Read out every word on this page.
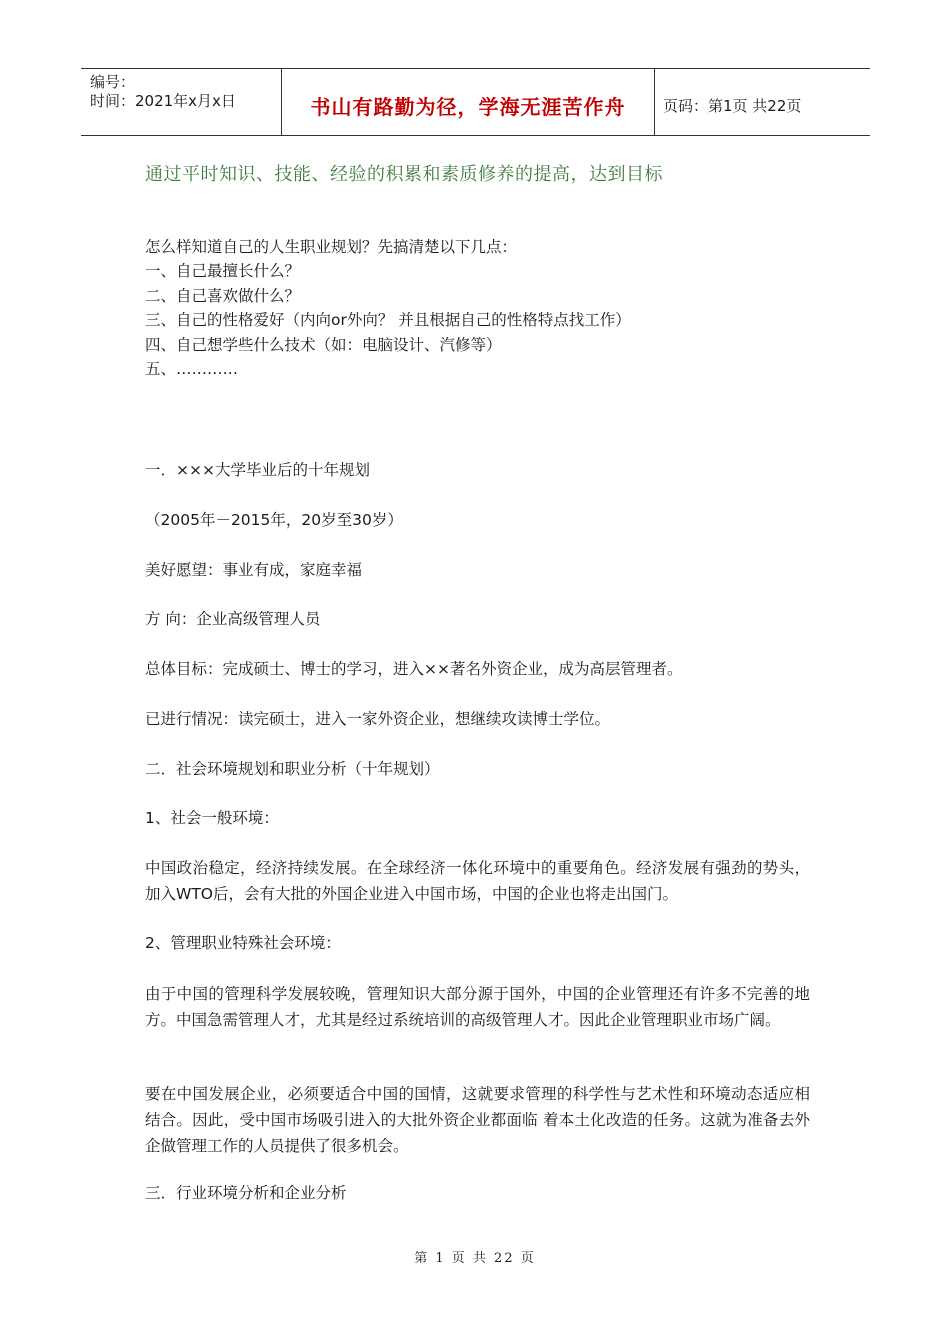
编号：
时间：2021年x月x日	书山有路勤为径，学海无涯苦作舟	页码：第1页 共22页
通过平时知识、技能、经验的积累和素质修养的提高，达到目标
怎么样知道自己的人生职业规划？先搞清楚以下几点：
一、自己最擅长什么？
二、自己喜欢做什么？
三、自己的性格爱好（内向or外向？ 并且根据自己的性格特点找工作）
四、自己想学些什么技术（如：电脑设计、汽修等）
五、…………
一．×××大学毕业后的十年规划
（2005年－2015年，20岁至30岁）
美好愿望：事业有成，家庭幸福
方 向：企业高级管理人员
总体目标：完成硕士、博士的学习，进入××著名外资企业，成为高层管理者。
已进行情况：读完硕士，进入一家外资企业，想继续攻读博士学位。
二．社会环境规划和职业分析（十年规划）
1、社会一般环境：
中国政治稳定，经济持续发展。在全球经济一体化环境中的重要角色。经济发展有强劲的势头，加入WTO后，会有大批的外国企业进入中国市场，中国的企业也将走出国门。
2、管理职业特殊社会环境：
由于中国的管理科学发展较晚，管理知识大部分源于国外，中国的企业管理还有许多不完善的地方。中国急需管理人才，尤其是经过系统培训的高级管理人才。因此企业管理职业市场广阔。
要在中国发展企业，必须要适合中国的国情，这就要求管理的科学性与艺术性和环境动态适应相结合。因此，受中国市场吸引进入的大批外资企业都面临 着本土化改造的任务。这就为准备去外企做管理工作的人员提供了很多机会。
三．行业环境分析和企业分析
第 1 页 共 22 页
